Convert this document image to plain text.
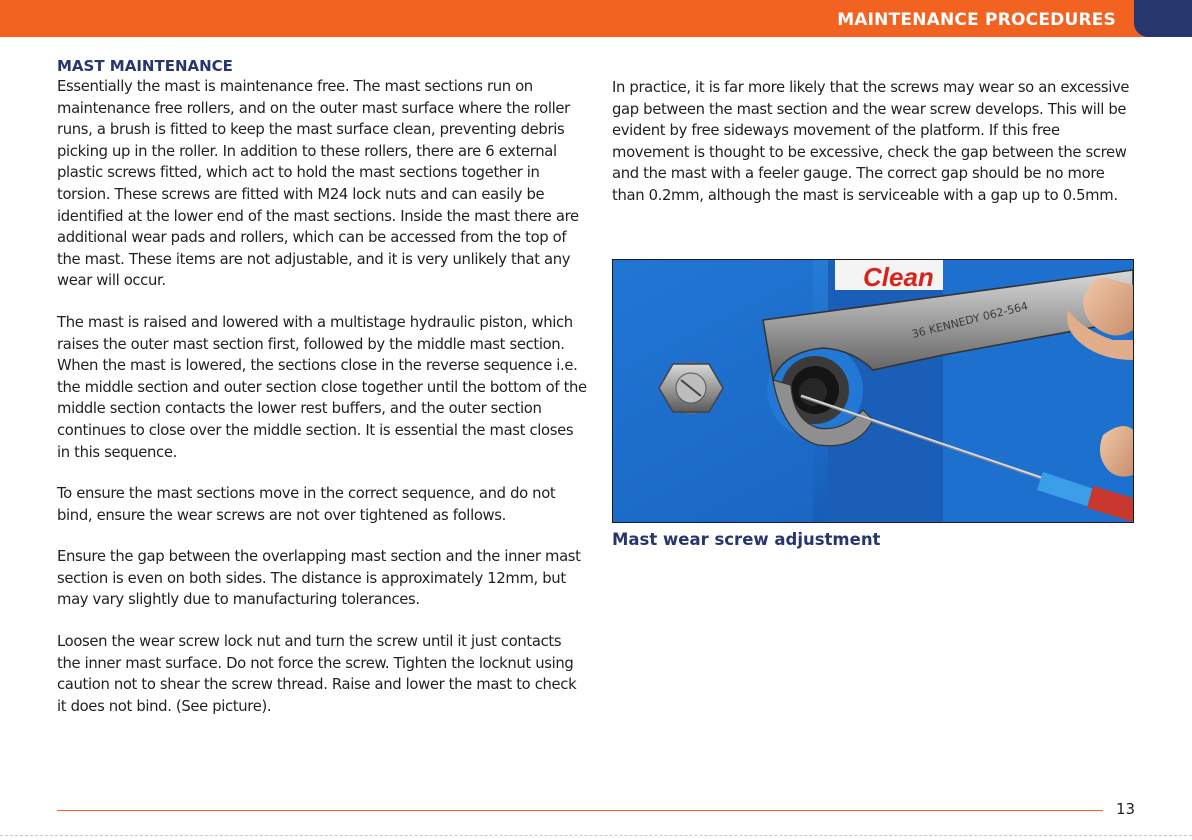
MAINTENANCE PROCEDURES
MAST MAINTENANCE

Essentially the mast is maintenance free. The mast sections run on maintenance free rollers, and on the outer mast surface where the roller runs, a brush is fitted to keep the mast surface clean, preventing debris picking up in the roller. In addition to these rollers, there are 6 external plastic screws fitted, which act to hold the mast sections together in torsion. These screws are fitted with M24 lock nuts and can easily be identified at the lower end of the mast sections. Inside the mast there are additional wear pads and rollers, which can be accessed from the top of the mast. These items are not adjustable, and it is very unlikely that any wear will occur.

The mast is raised and lowered with a multistage hydraulic piston, which raises the outer mast section first, followed by the middle mast section. When the mast is lowered, the sections close in the reverse sequence i.e. the middle section and outer section close together until the bottom of the middle section contacts the lower rest buffers, and the outer section continues to close over the middle section. It is essential the mast closes in this sequence.

To ensure the mast sections move in the correct sequence, and do not bind, ensure the wear screws are not over tightened as follows.

Ensure the gap between the overlapping mast section and the inner mast section is even on both sides. The distance is approximately 12mm, but may vary slightly due to manufacturing tolerances.

Loosen the wear screw lock nut and turn the screw until it just contacts the inner mast surface. Do not force the screw. Tighten the locknut using caution not to shear the screw thread. Raise and lower the mast to check it does not bind. (See picture).

In practice, it is far more likely that the screws may wear so an excessive gap between the mast section and the wear screw develops. This will be evident by free sideways movement of the platform. If this free movement is thought to be excessive, check the gap between the screw and the mast with a feeler gauge. The correct gap should be no more than 0.2mm, although the mast is serviceable with a gap up to 0.5mm.

Clean
36 KENNEDY 062-564
Mast wear screw adjustment
13
